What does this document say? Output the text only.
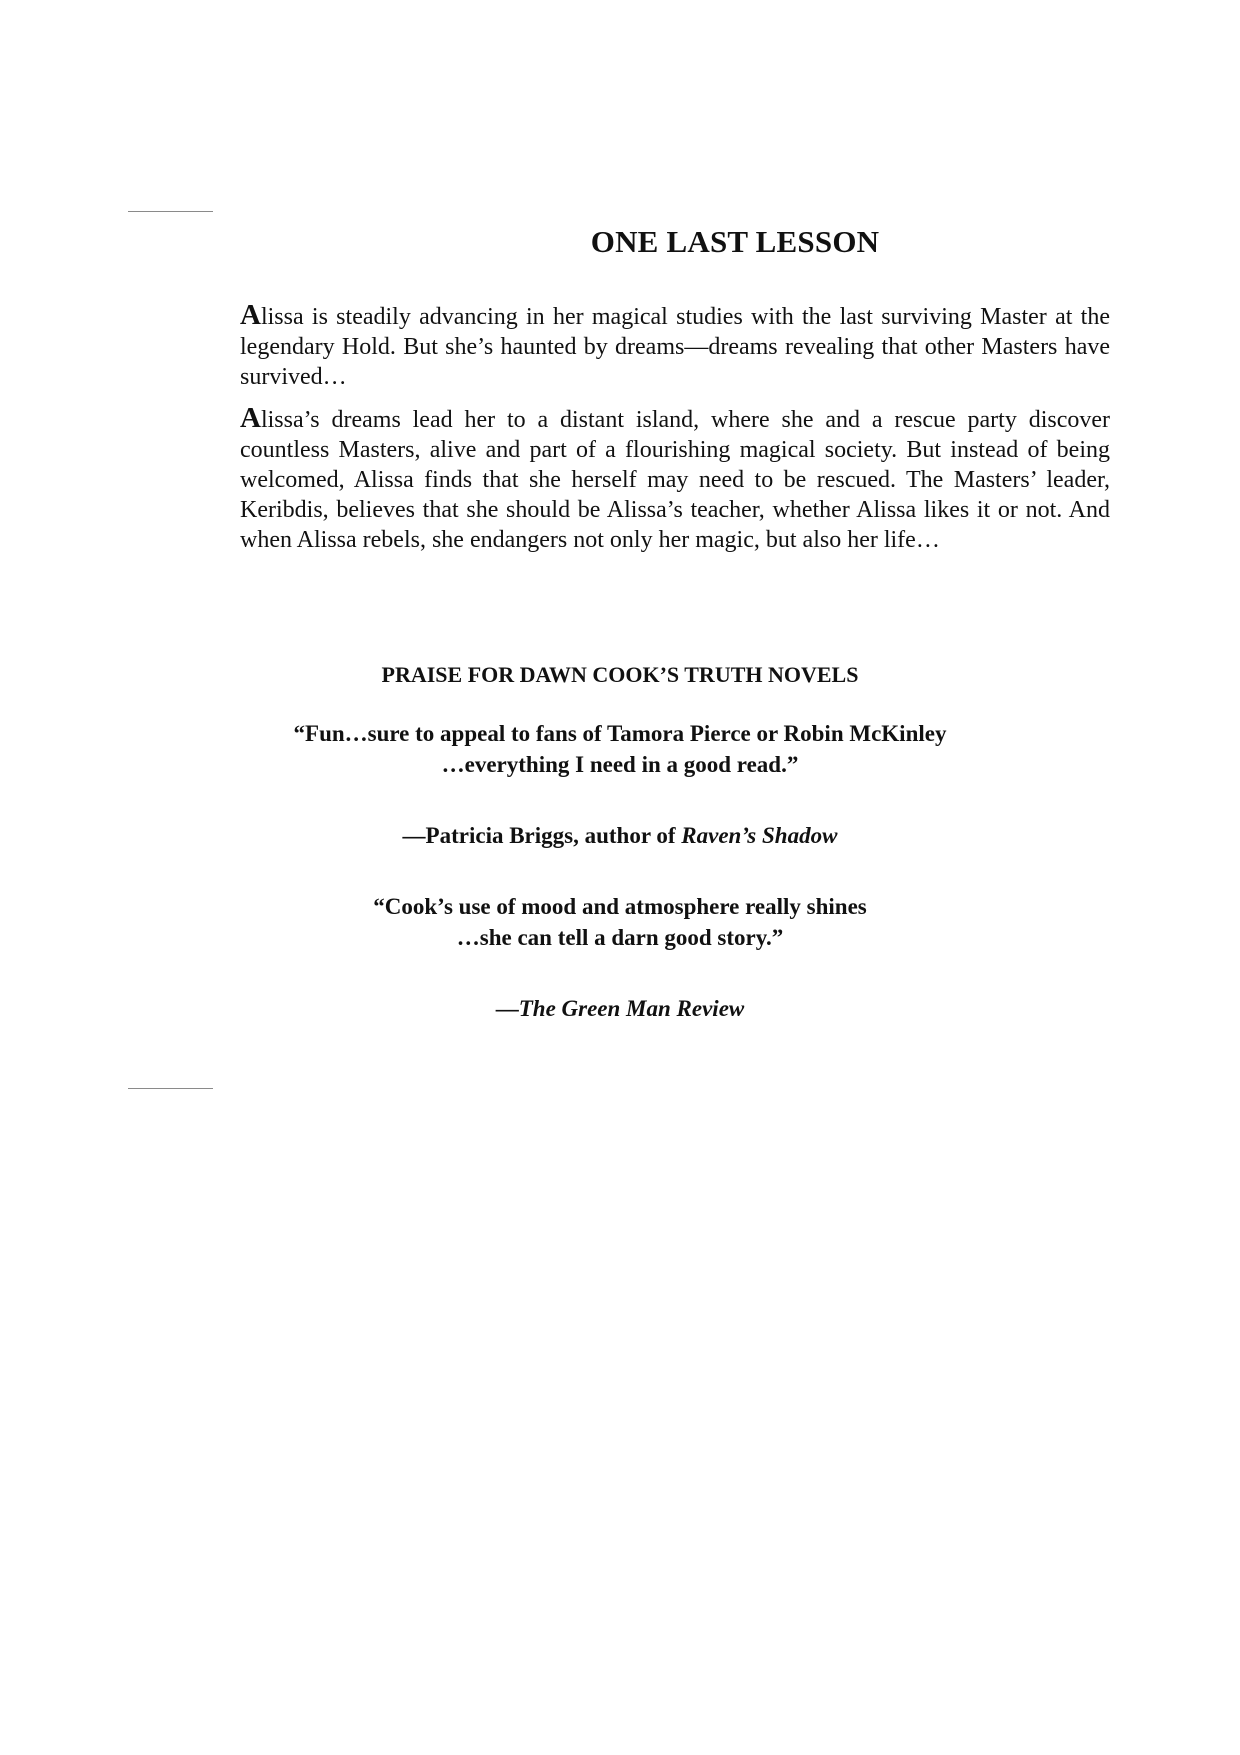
ONE LAST LESSON

Alissa is steadily advancing in her magical studies with the last surviving Master at the legendary Hold. But she’s haunted by dreams—dreams revealing that other Masters have survived…

Alissa’s dreams lead her to a distant island, where she and a rescue party discover countless Masters, alive and part of a flourishing magical society. But instead of being welcomed, Alissa finds that she herself may need to be rescued. The Masters’ leader, Keribdis, believes that she should be Alissa’s teacher, whether Alissa likes it or not. And when Alissa rebels, she endangers not only her magic, but also her life…

PRAISE FOR DAWN COOK’S TRUTH NOVELS

“Fun…sure to appeal to fans of Tamora Pierce or Robin McKinley
…everything I need in a good read.”

—Patricia Briggs, author of Raven’s Shadow

“Cook’s use of mood and atmosphere really shines
…she can tell a darn good story.”

—The Green Man Review
